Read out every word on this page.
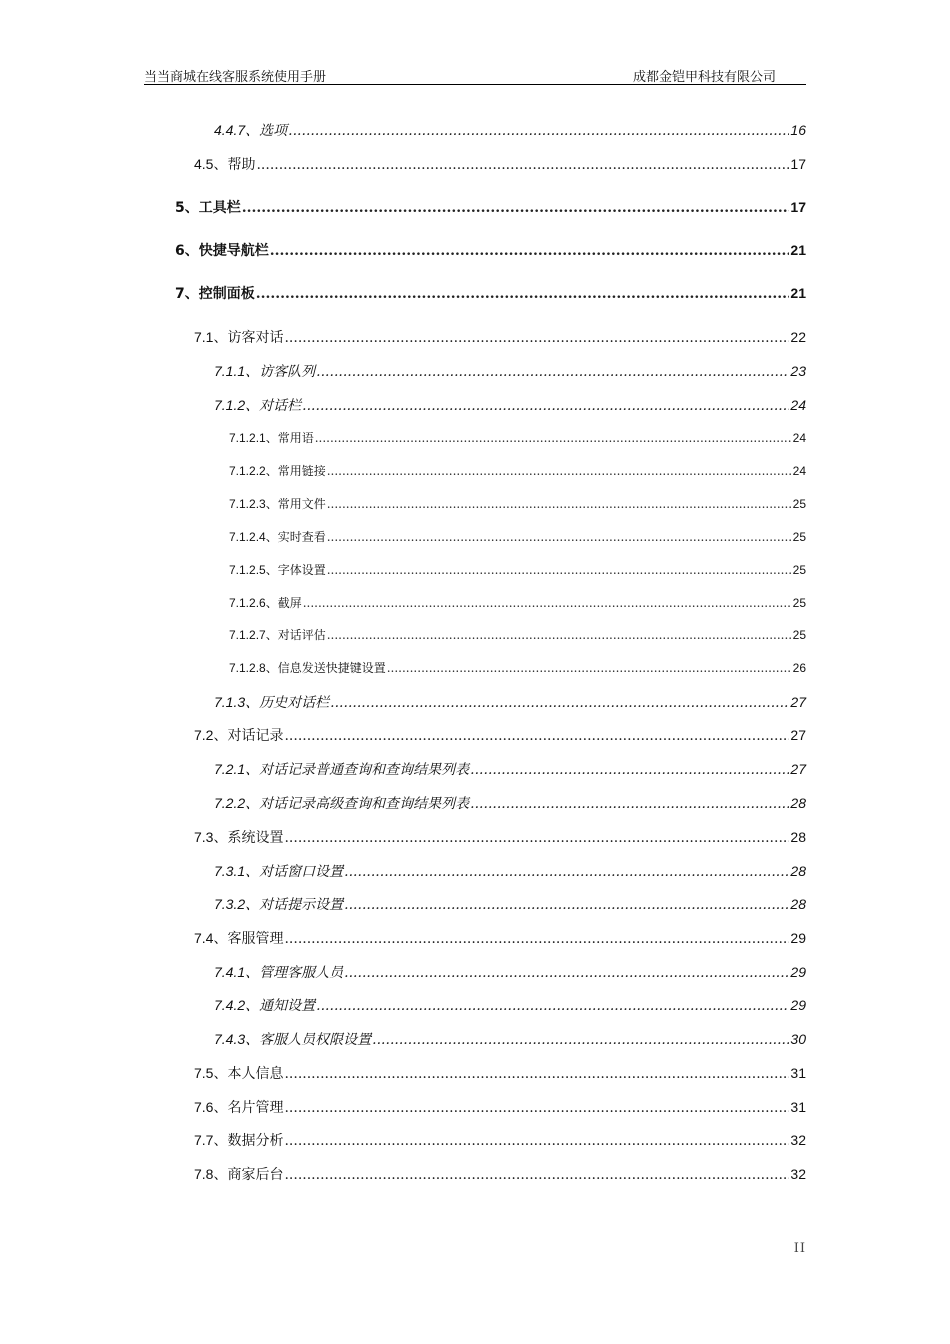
当当商城在线客服系统使用手册	成都金铠甲科技有限公司
4.4.7、选项 .....	16
4.5、帮助 .....	17
5、工具栏 .....	17
6、快捷导航栏 .....	21
7、控制面板 .....	21
7.1、访客对话 .....	22
7.1.1、访客队列 .....	23
7.1.2、对话栏 .....	24
7.1.2.1、常用语 .....	24
7.1.2.2、常用链接 .....	24
7.1.2.3、常用文件 .....	25
7.1.2.4、实时查看 .....	25
7.1.2.5、字体设置 .....	25
7.1.2.6、截屏 .....	25
7.1.2.7、对话评估 .....	25
7.1.2.8、信息发送快捷键设置 .....	26
7.1.3、历史对话栏 .....	27
7.2、对话记录 .....	27
7.2.1、对话记录普通查询和查询结果列表 .....	27
7.2.2、对话记录高级查询和查询结果列表 .....	28
7.3、系统设置 .....	28
7.3.1、对话窗口设置 .....	28
7.3.2、对话提示设置 .....	28
7.4、客服管理 .....	29
7.4.1、管理客服人员 .....	29
7.4.2、通知设置 .....	29
7.4.3、客服人员权限设置 .....	30
7.5、本人信息 .....	31
7.6、名片管理 .....	31
7.7、数据分析 .....	32
7.8、商家后台 .....	32
II
